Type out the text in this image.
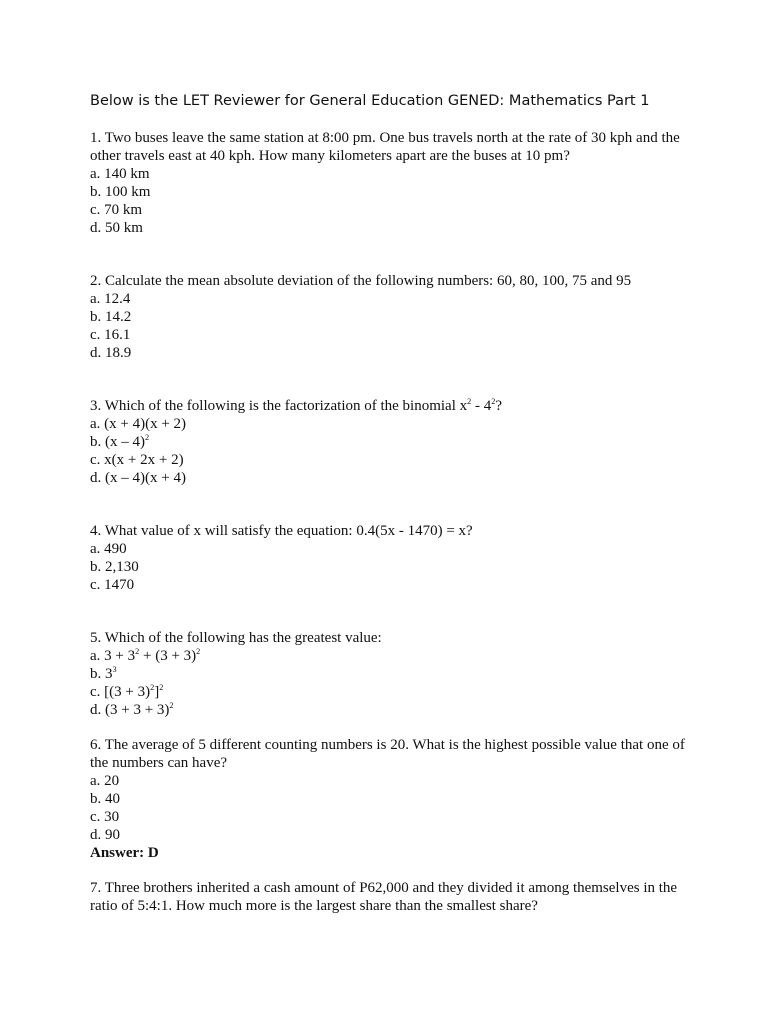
Below is the LET Reviewer for General Education GENED: Mathematics Part 1
1. Two buses leave the same station at 8:00 pm. One bus travels north at the rate of 30 kph and the other travels east at 40 kph. How many kilometers apart are the buses at 10 pm?
a. 140 km
b. 100 km
c. 70 km
d. 50 km
2. Calculate the mean absolute deviation of the following numbers: 60, 80, 100, 75 and 95
a. 12.4
b. 14.2
c. 16.1
d. 18.9
3. Which of the following is the factorization of the binomial $x^2 - 4^2$?
a. (x + 4)(x + 2)
b. (x – 4)$^2$
c. x(x + 2x + 2)
d. (x – 4)(x + 4)
4. What value of x will satisfy the equation: 0.4(5x - 1470) = x?
a. 490
b. 2,130
c. 1470
5. Which of the following has the greatest value:
a. $3 + 3^2 + (3 + 3)^2$
b. $3^3$
c. $[(3 + 3)^2]^2$
d. $(3 + 3 + 3)^2$
6. The average of 5 different counting numbers is 20. What is the highest possible value that one of the numbers can have?
a. 20
b. 40
c. 30
d. 90
Answer: D
7. Three brothers inherited a cash amount of P62,000 and they divided it among themselves in the ratio of 5:4:1. How much more is the largest share than the smallest share?
